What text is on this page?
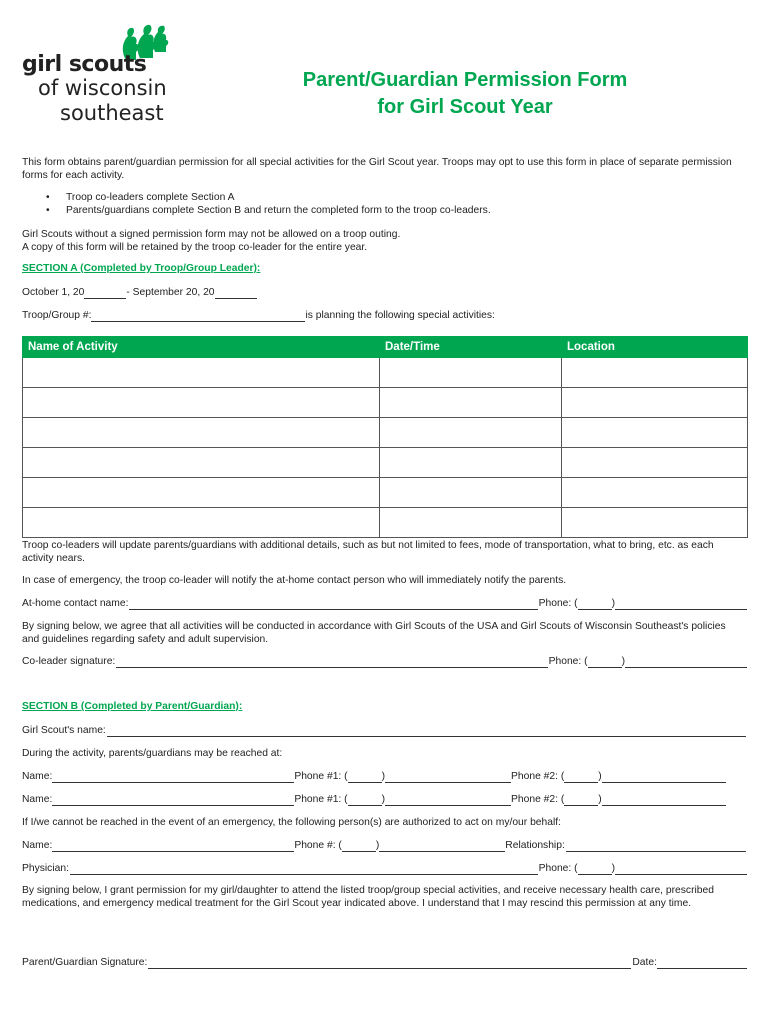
girl scouts
of wisconsin
southeast
Parent/Guardian Permission Form
for Girl Scout Year
This form obtains parent/guardian permission for all special activities for the Girl Scout year. Troops may opt to use this form in place of separate permission forms for each activity.
• Troop co-leaders complete Section A
• Parents/guardians complete Section B and return the completed form to the troop co-leaders.
Girl Scouts without a signed permission form may not be allowed on a troop outing.
A copy of this form will be retained by the troop co-leader for the entire year.
SECTION A (Completed by Troop/Group Leader):
October 1, 20	- September 20, 20
Troop/Group #:	is planning the following special activities:
Name of Activity	Date/Time	Location

Troop co-leaders will update parents/guardians with additional details, such as but not limited to fees, mode of transportation, what to bring, etc. as each activity nears.
In case of emergency, the troop co-leader will notify the at-home contact person who will immediately notify the parents.
At-home contact name:	Phone: (	)
By signing below, we agree that all activities will be conducted in accordance with Girl Scouts of the USA and Girl Scouts of Wisconsin Southeast's policies and guidelines regarding safety and adult supervision.
Co-leader signature:	Phone: (	)
SECTION B (Completed by Parent/Guardian):
Girl Scout's name:
During the activity, parents/guardians may be reached at:
Name:	Phone #1: (	)	Phone #2: (	)
Name:	Phone #1: (	)	Phone #2: (	)
If I/we cannot be reached in the event of an emergency, the following person(s) are authorized to act on my/our behalf:
Name:	Phone #: (	)	Relationship:
Physician:	Phone: (	)
By signing below, I grant permission for my girl/daughter to attend the listed troop/group special activities, and receive necessary health care, prescribed medications, and emergency medical treatment for the Girl Scout year indicated above. I understand that I may rescind this permission at any time.
Parent/Guardian Signature:	Date:
